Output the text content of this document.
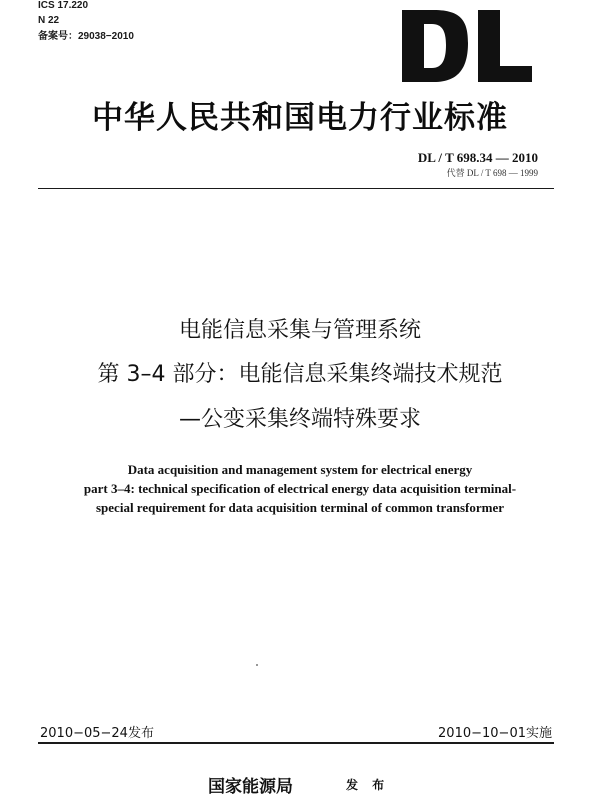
ICS 17.220
N 22
备案号：29038−2010
中华人民共和国电力行业标准
DL / T 698.34 — 2010
代替 DL / T 698 — 1999
电能信息采集与管理系统
第 3–4 部分：电能信息采集终端技术规范
—公变采集终端特殊要求
Data acquisition and management system for electrical energy
part 3–4: technical specification of electrical energy data acquisition terminal-
special requirement for data acquisition terminal of common transformer
2010−05−24发布	2010−10−01实施
国家能源局	发 布
